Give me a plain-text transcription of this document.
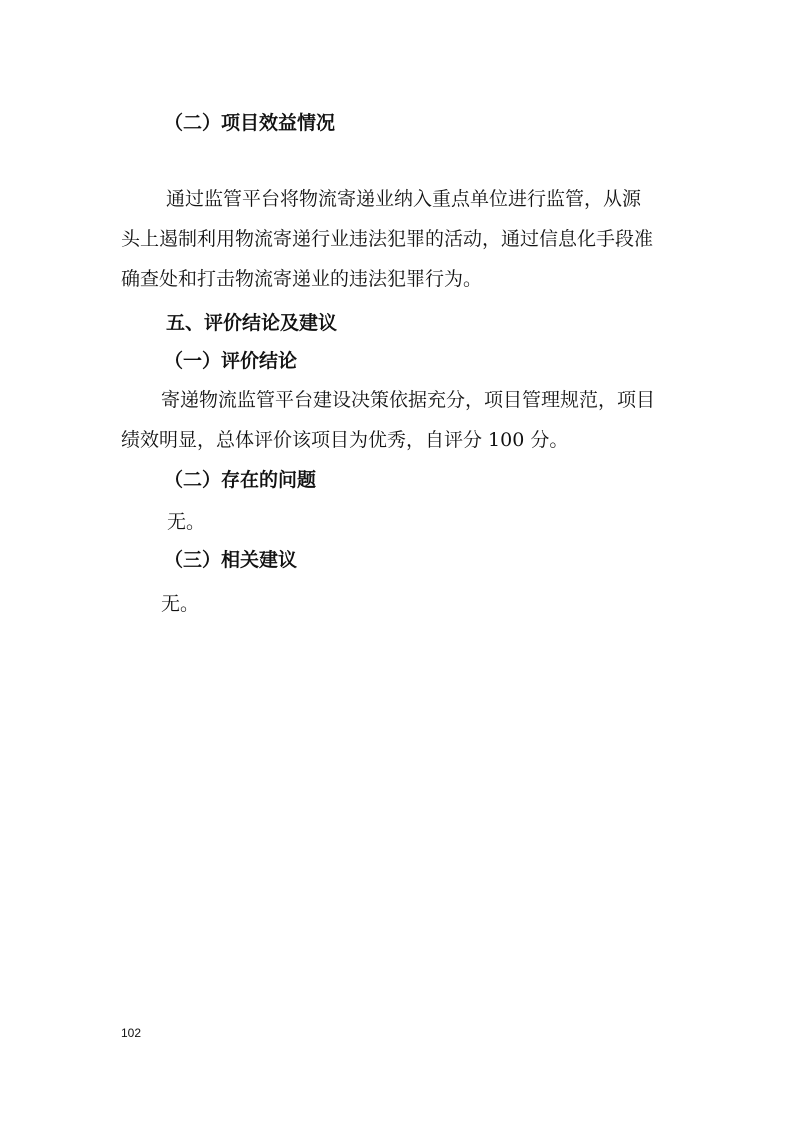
（二）项目效益情况
通过监管平台将物流寄递业纳入重点单位进行监管，从源
头上遏制利用物流寄递行业违法犯罪的活动，通过信息化手段准
确查处和打击物流寄递业的违法犯罪行为。
五、评价结论及建议
（一）评价结论
寄递物流监管平台建设决策依据充分，项目管理规范，项目
绩效明显，总体评价该项目为优秀，自评分 100 分。
（二）存在的问题
无。
（三）相关建议
无。
102
